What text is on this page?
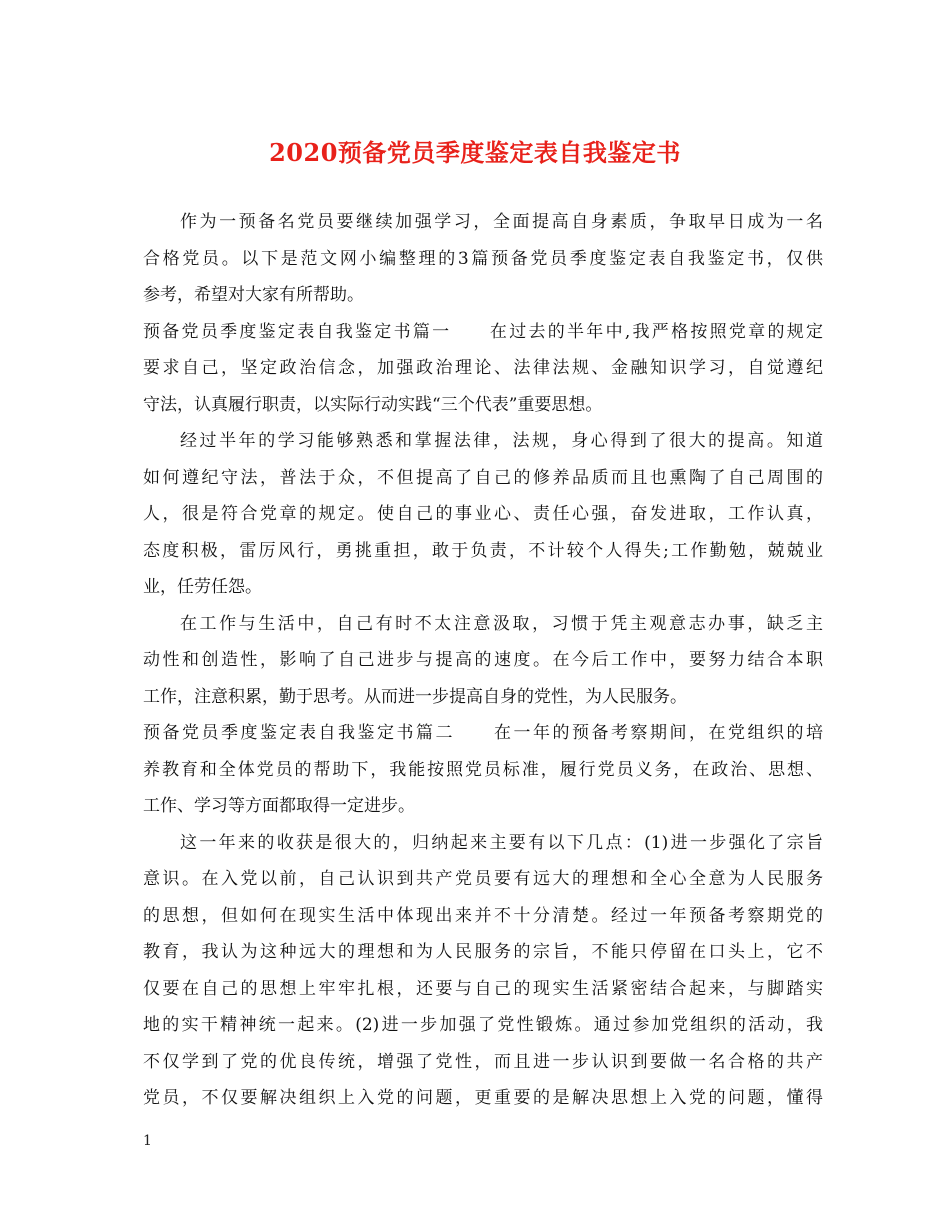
2020预备党员季度鉴定表自我鉴定书
作为一预备名党员要继续加强学习，全面提高自身素质，争取早日成为一名
合格党员。以下是范文网小编整理的3篇预备党员季度鉴定表自我鉴定书，仅供
参考，希望对大家有所帮助。
预备党员季度鉴定表自我鉴定书篇一　　在过去的半年中,我严格按照党章的规定
要求自己，坚定政治信念，加强政治理论、法律法规、金融知识学习，自觉遵纪
守法，认真履行职责，以实际行动实践“三个代表”重要思想。
经过半年的学习能够熟悉和掌握法律，法规，身心得到了很大的提高。知道
如何遵纪守法，普法于众，不但提高了自己的修养品质而且也熏陶了自己周围的
人，很是符合党章的规定。使自己的事业心、责任心强，奋发进取，工作认真，
态度积极，雷厉风行，勇挑重担，敢于负责，不计较个人得失;工作勤勉，兢兢业
业，任劳任怨。
在工作与生活中，自己有时不太注意汲取，习惯于凭主观意志办事，缺乏主
动性和创造性，影响了自己进步与提高的速度。在今后工作中，要努力结合本职
工作，注意积累，勤于思考。从而进一步提高自身的党性，为人民服务。
预备党员季度鉴定表自我鉴定书篇二　　在一年的预备考察期间，在党组织的培
养教育和全体党员的帮助下，我能按照党员标准，履行党员义务，在政治、思想、
工作、学习等方面都取得一定进步。
这一年来的收获是很大的，归纳起来主要有以下几点：(1)进一步强化了宗旨
意识。在入党以前，自己认识到共产党员要有远大的理想和全心全意为人民服务
的思想，但如何在现实生活中体现出来并不十分清楚。经过一年预备考察期党的
教育，我认为这种远大的理想和为人民服务的宗旨，不能只停留在口头上，它不
仅要在自己的思想上牢牢扎根，还要与自己的现实生活紧密结合起来，与脚踏实
地的实干精神统一起来。(2)进一步加强了党性锻炼。通过参加党组织的活动，我
不仅学到了党的优良传统，增强了党性，而且进一步认识到要做一名合格的共产
党员，不仅要解决组织上入党的问题，更重要的是解决思想上入党的问题，懂得
1
